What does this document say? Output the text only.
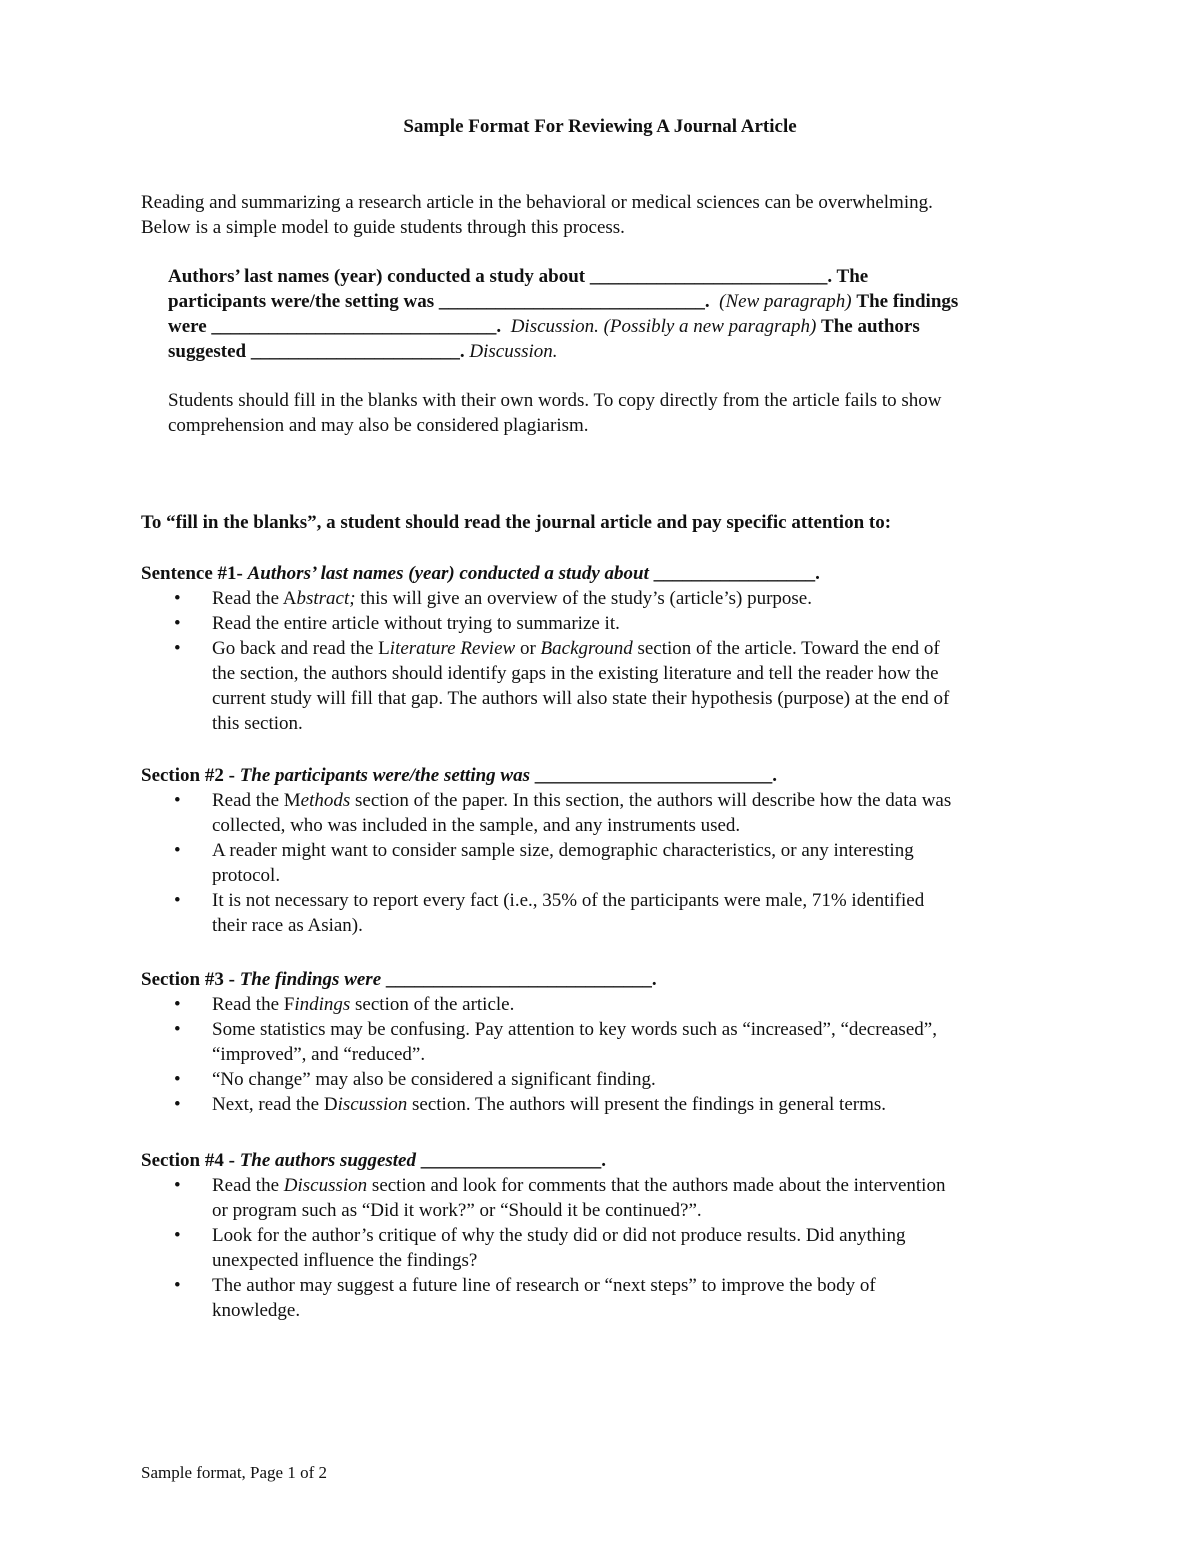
Sample Format For Reviewing A Journal Article
Reading and summarizing a research article in the behavioral or medical sciences can be overwhelming.
Below is a simple model to guide students through this process.
Authors’ last names (year) conducted a study about _________________________. The
participants were/the setting was ____________________________. (New paragraph) The findings
were ______________________________. Discussion. (Possibly a new paragraph) The authors
suggested ______________________. Discussion.
Students should fill in the blanks with their own words. To copy directly from the article fails to show
comprehension and may also be considered plagiarism.
To “fill in the blanks”, a student should read the journal article and pay specific attention to:
Sentence #1- Authors’ last names (year) conducted a study about _________________.
• Read the Abstract; this will give an overview of the study’s (article’s) purpose.
• Read the entire article without trying to summarize it.
• Go back and read the Literature Review or Background section of the article. Toward the end of
the section, the authors should identify gaps in the existing literature and tell the reader how the
current study will fill that gap. The authors will also state their hypothesis (purpose) at the end of
this section.
Section #2 - The participants were/the setting was _________________________.
• Read the Methods section of the paper. In this section, the authors will describe how the data was
collected, who was included in the sample, and any instruments used.
• A reader might want to consider sample size, demographic characteristics, or any interesting
protocol.
• It is not necessary to report every fact (i.e., 35% of the participants were male, 71% identified
their race as Asian).
Section #3 - The findings were ____________________________.
• Read the Findings section of the article.
• Some statistics may be confusing. Pay attention to key words such as “increased”, “decreased”,
“improved”, and “reduced”.
• “No change” may also be considered a significant finding.
• Next, read the Discussion section. The authors will present the findings in general terms.
Section #4 - The authors suggested ___________________.
• Read the Discussion section and look for comments that the authors made about the intervention
or program such as “Did it work?” or “Should it be continued?”.
• Look for the author’s critique of why the study did or did not produce results. Did anything
unexpected influence the findings?
• The author may suggest a future line of research or “next steps” to improve the body of
knowledge.
Sample format, Page 1 of 2
